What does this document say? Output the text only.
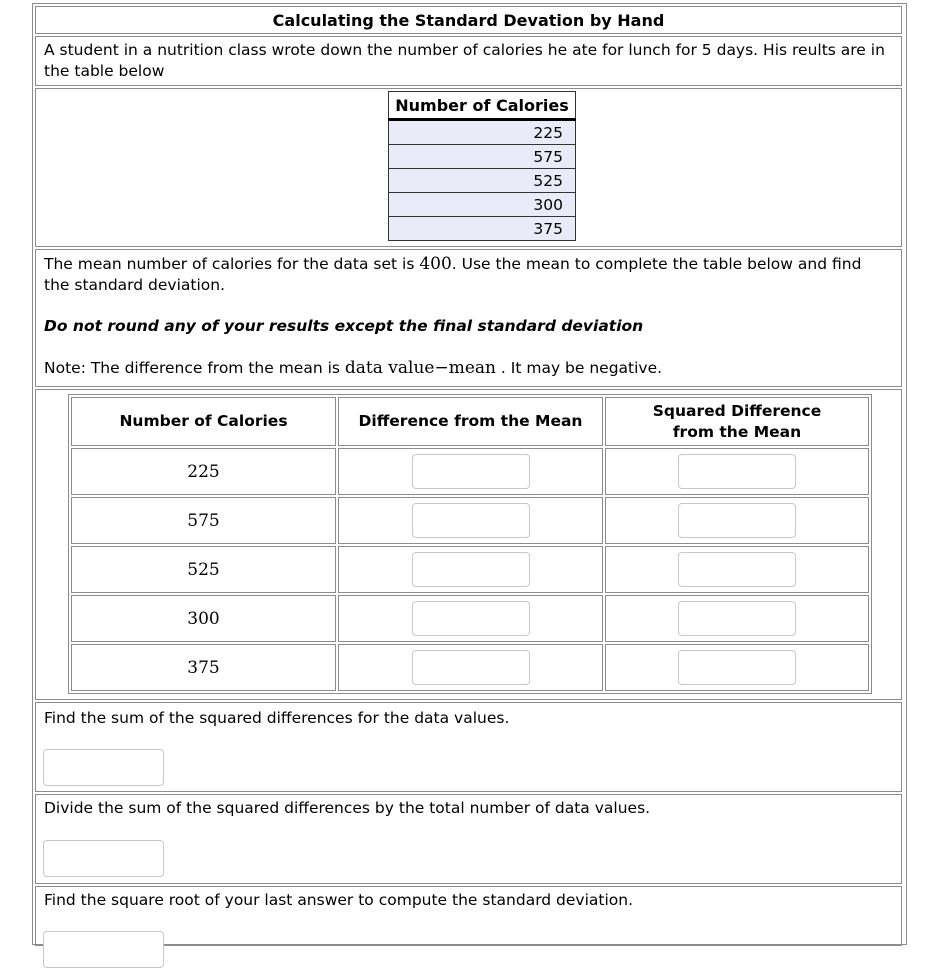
Calculating the Standard Devation by Hand
A student in a nutrition class wrote down the number of calories he ate for lunch for 5 days. His reults are in the table below
Number of Calories
225
575
525
300
375
The mean number of calories for the data set is 400. Use the mean to complete the table below and find the standard deviation.
Do not round any of your results except the final standard deviation
Note: The difference from the mean is data value−mean . It may be negative.
Number of Calories	Difference from the Mean	Squared Difference from the Mean
225		
575		
525		
300		
375		
Find the sum of the squared differences for the data values.
Divide the sum of the squared differences by the total number of data values.
Find the square root of your last answer to compute the standard deviation.
